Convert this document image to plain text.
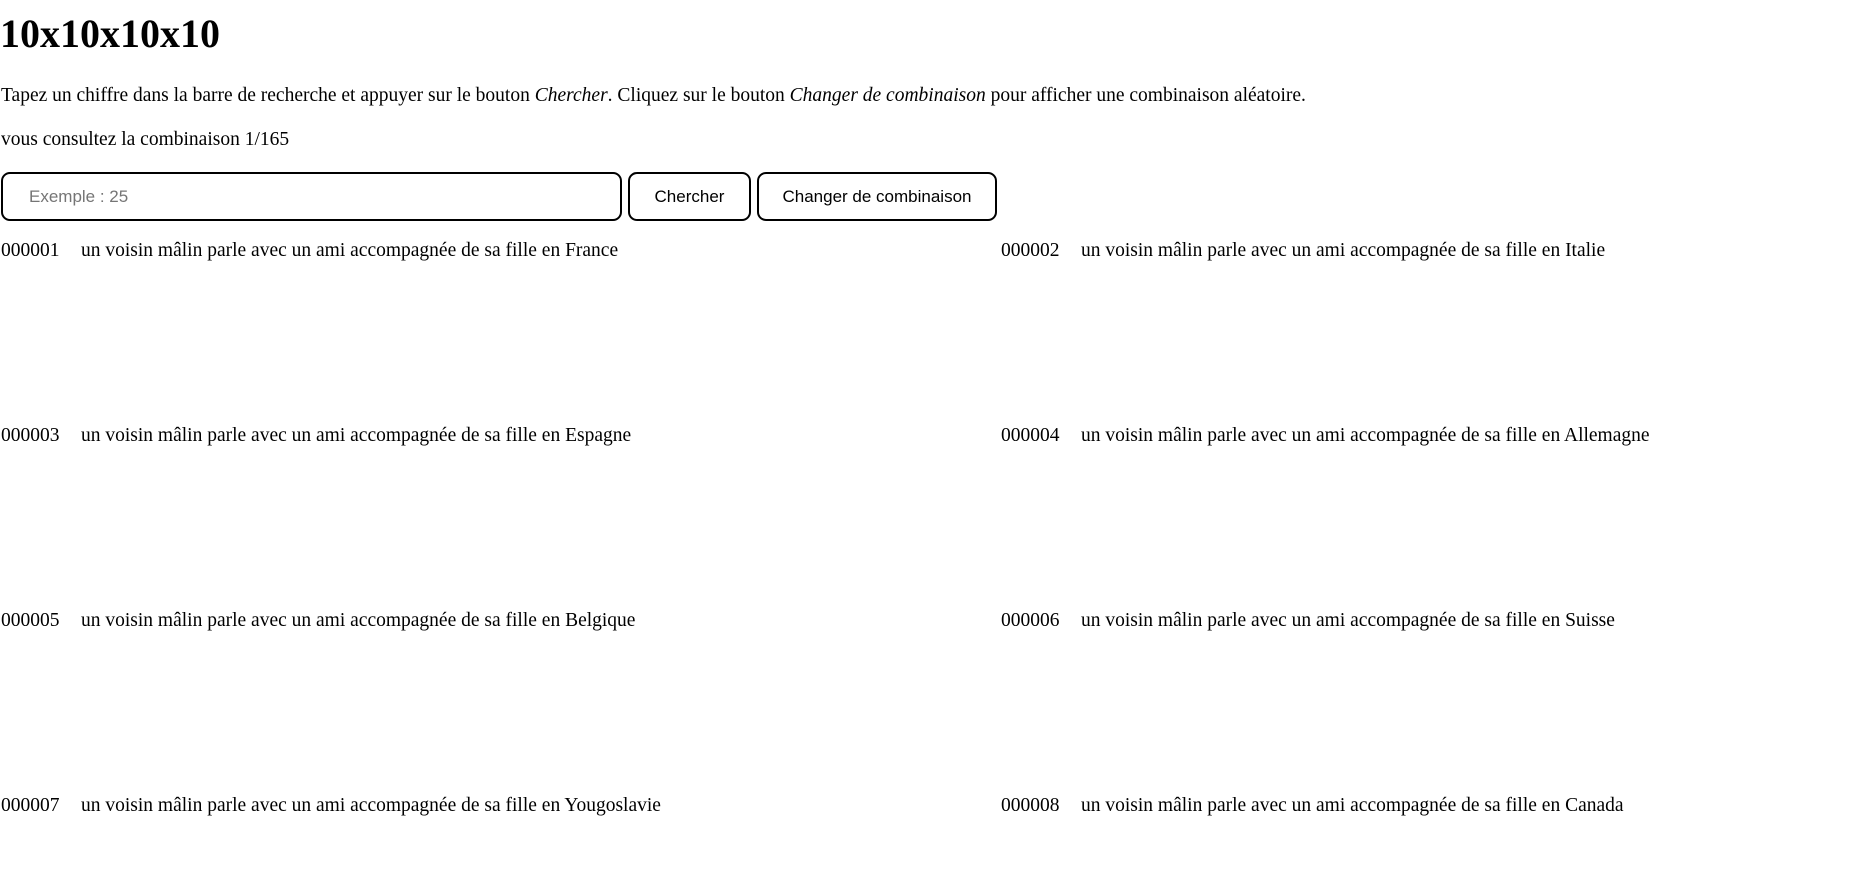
10x10x10x10

Tapez un chiffre dans la barre de recherche et appuyer sur le bouton Chercher. Cliquez sur le bouton Changer de combinaison pour afficher une combinaison aléatoire.

vous consultez la combinaison 1/165

Exemple : 25
Chercher	Changer de combinaison
000001 un voisin mâlin parle avec un ami accompagnée de sa fille en France	000002 un voisin mâlin parle avec un ami accompagnée de sa fille en Italie
000003 un voisin mâlin parle avec un ami accompagnée de sa fille en Espagne	000004 un voisin mâlin parle avec un ami accompagnée de sa fille en Allemagne
000005 un voisin mâlin parle avec un ami accompagnée de sa fille en Belgique	000006 un voisin mâlin parle avec un ami accompagnée de sa fille en Suisse
000007 un voisin mâlin parle avec un ami accompagnée de sa fille en Yougoslavie	000008 un voisin mâlin parle avec un ami accompagnée de sa fille en Canada
